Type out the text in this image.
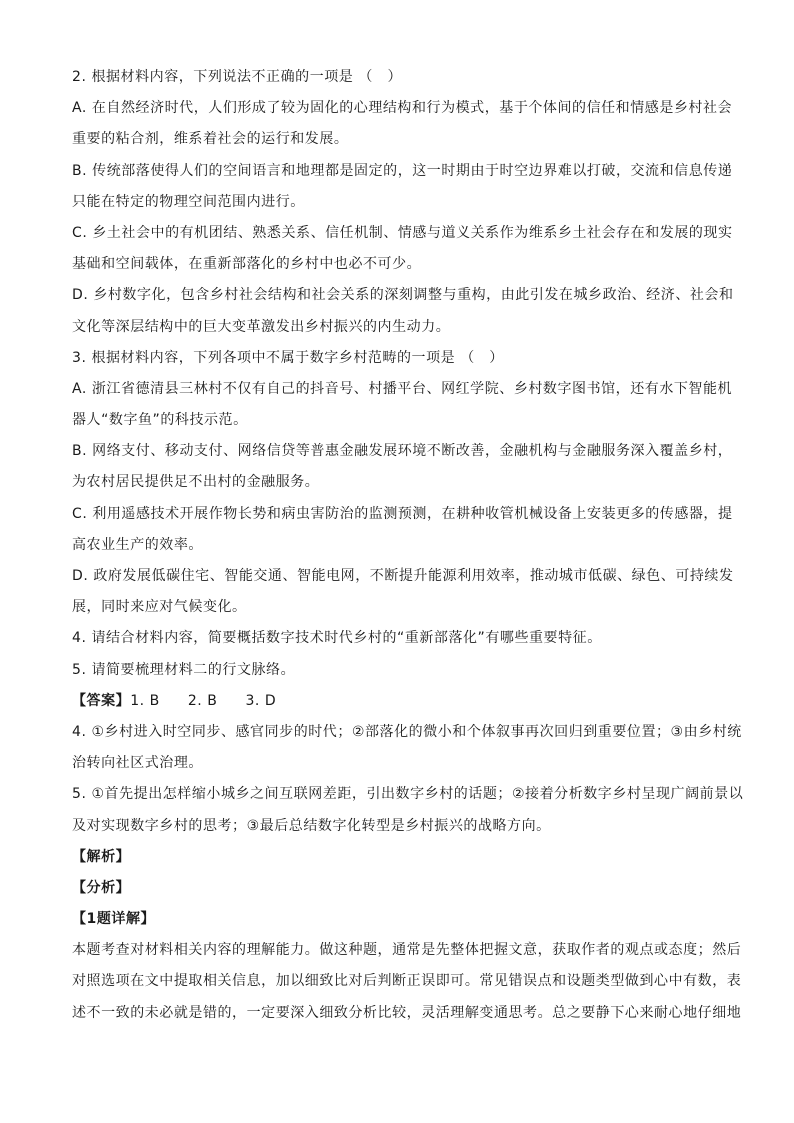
2. 根据材料内容，下列说法不正确的一项是 （　）
A. 在自然经济时代，人们形成了较为固化的心理结构和行为模式，基于个体间的信任和情感是乡村社会
重要的粘合剂，维系着社会的运行和发展。
B. 传统部落使得人们的空间语言和地理都是固定的，这一时期由于时空边界难以打破，交流和信息传递
只能在特定的物理空间范围内进行。
C. 乡土社会中的有机团结、熟悉关系、信任机制、情感与道义关系作为维系乡土社会存在和发展的现实
基础和空间载体，在重新部落化的乡村中也必不可少。
D. 乡村数字化，包含乡村社会结构和社会关系的深刻调整与重构，由此引发在城乡政治、经济、社会和
文化等深层结构中的巨大变革激发出乡村振兴的内生动力。
3. 根据材料内容，下列各项中不属于数字乡村范畴的一项是 （　）
A. 浙江省德清县三林村不仅有自己的抖音号、村播平台、网红学院、乡村数字图书馆，还有水下智能机
器人“数字鱼”的科技示范。
B. 网络支付、移动支付、网络信贷等普惠金融发展环境不断改善，金融机构与金融服务深入覆盖乡村，
为农村居民提供足不出村的金融服务。
C. 利用遥感技术开展作物长势和病虫害防治的监测预测，在耕种收管机械设备上安装更多的传感器，提
高农业生产的效率。
D. 政府发展低碳住宅、智能交通、智能电网，不断提升能源利用效率，推动城市低碳、绿色、可持续发
展，同时来应对气候变化。
4. 请结合材料内容，简要概括数字技术时代乡村的“重新部落化”有哪些重要特征。
5. 请简要梳理材料二的行文脉络。
【答案】1. B 2. B 3. D
4. ①乡村进入时空同步、感官同步的时代；②部落化的微小和个体叙事再次回归到重要位置；③由乡村统
治转向社区式治理。
5. ①首先提出怎样缩小城乡之间互联网差距，引出数字乡村的话题；②接着分析数字乡村呈现广阔前景以
及对实现数字乡村的思考；③最后总结数字化转型是乡村振兴的战略方向。
【解析】
【分析】
【1题详解】
本题考查对材料相关内容的理解能力。做这种题，通常是先整体把握文意，获取作者的观点或态度；然后
对照选项在文中提取相关信息，加以细致比对后判断正误即可。常见错误点和设题类型做到心中有数，表
述不一致的未必就是错的，一定要深入细致分析比较，灵活理解变通思考。总之要静下心来耐心地仔细地
